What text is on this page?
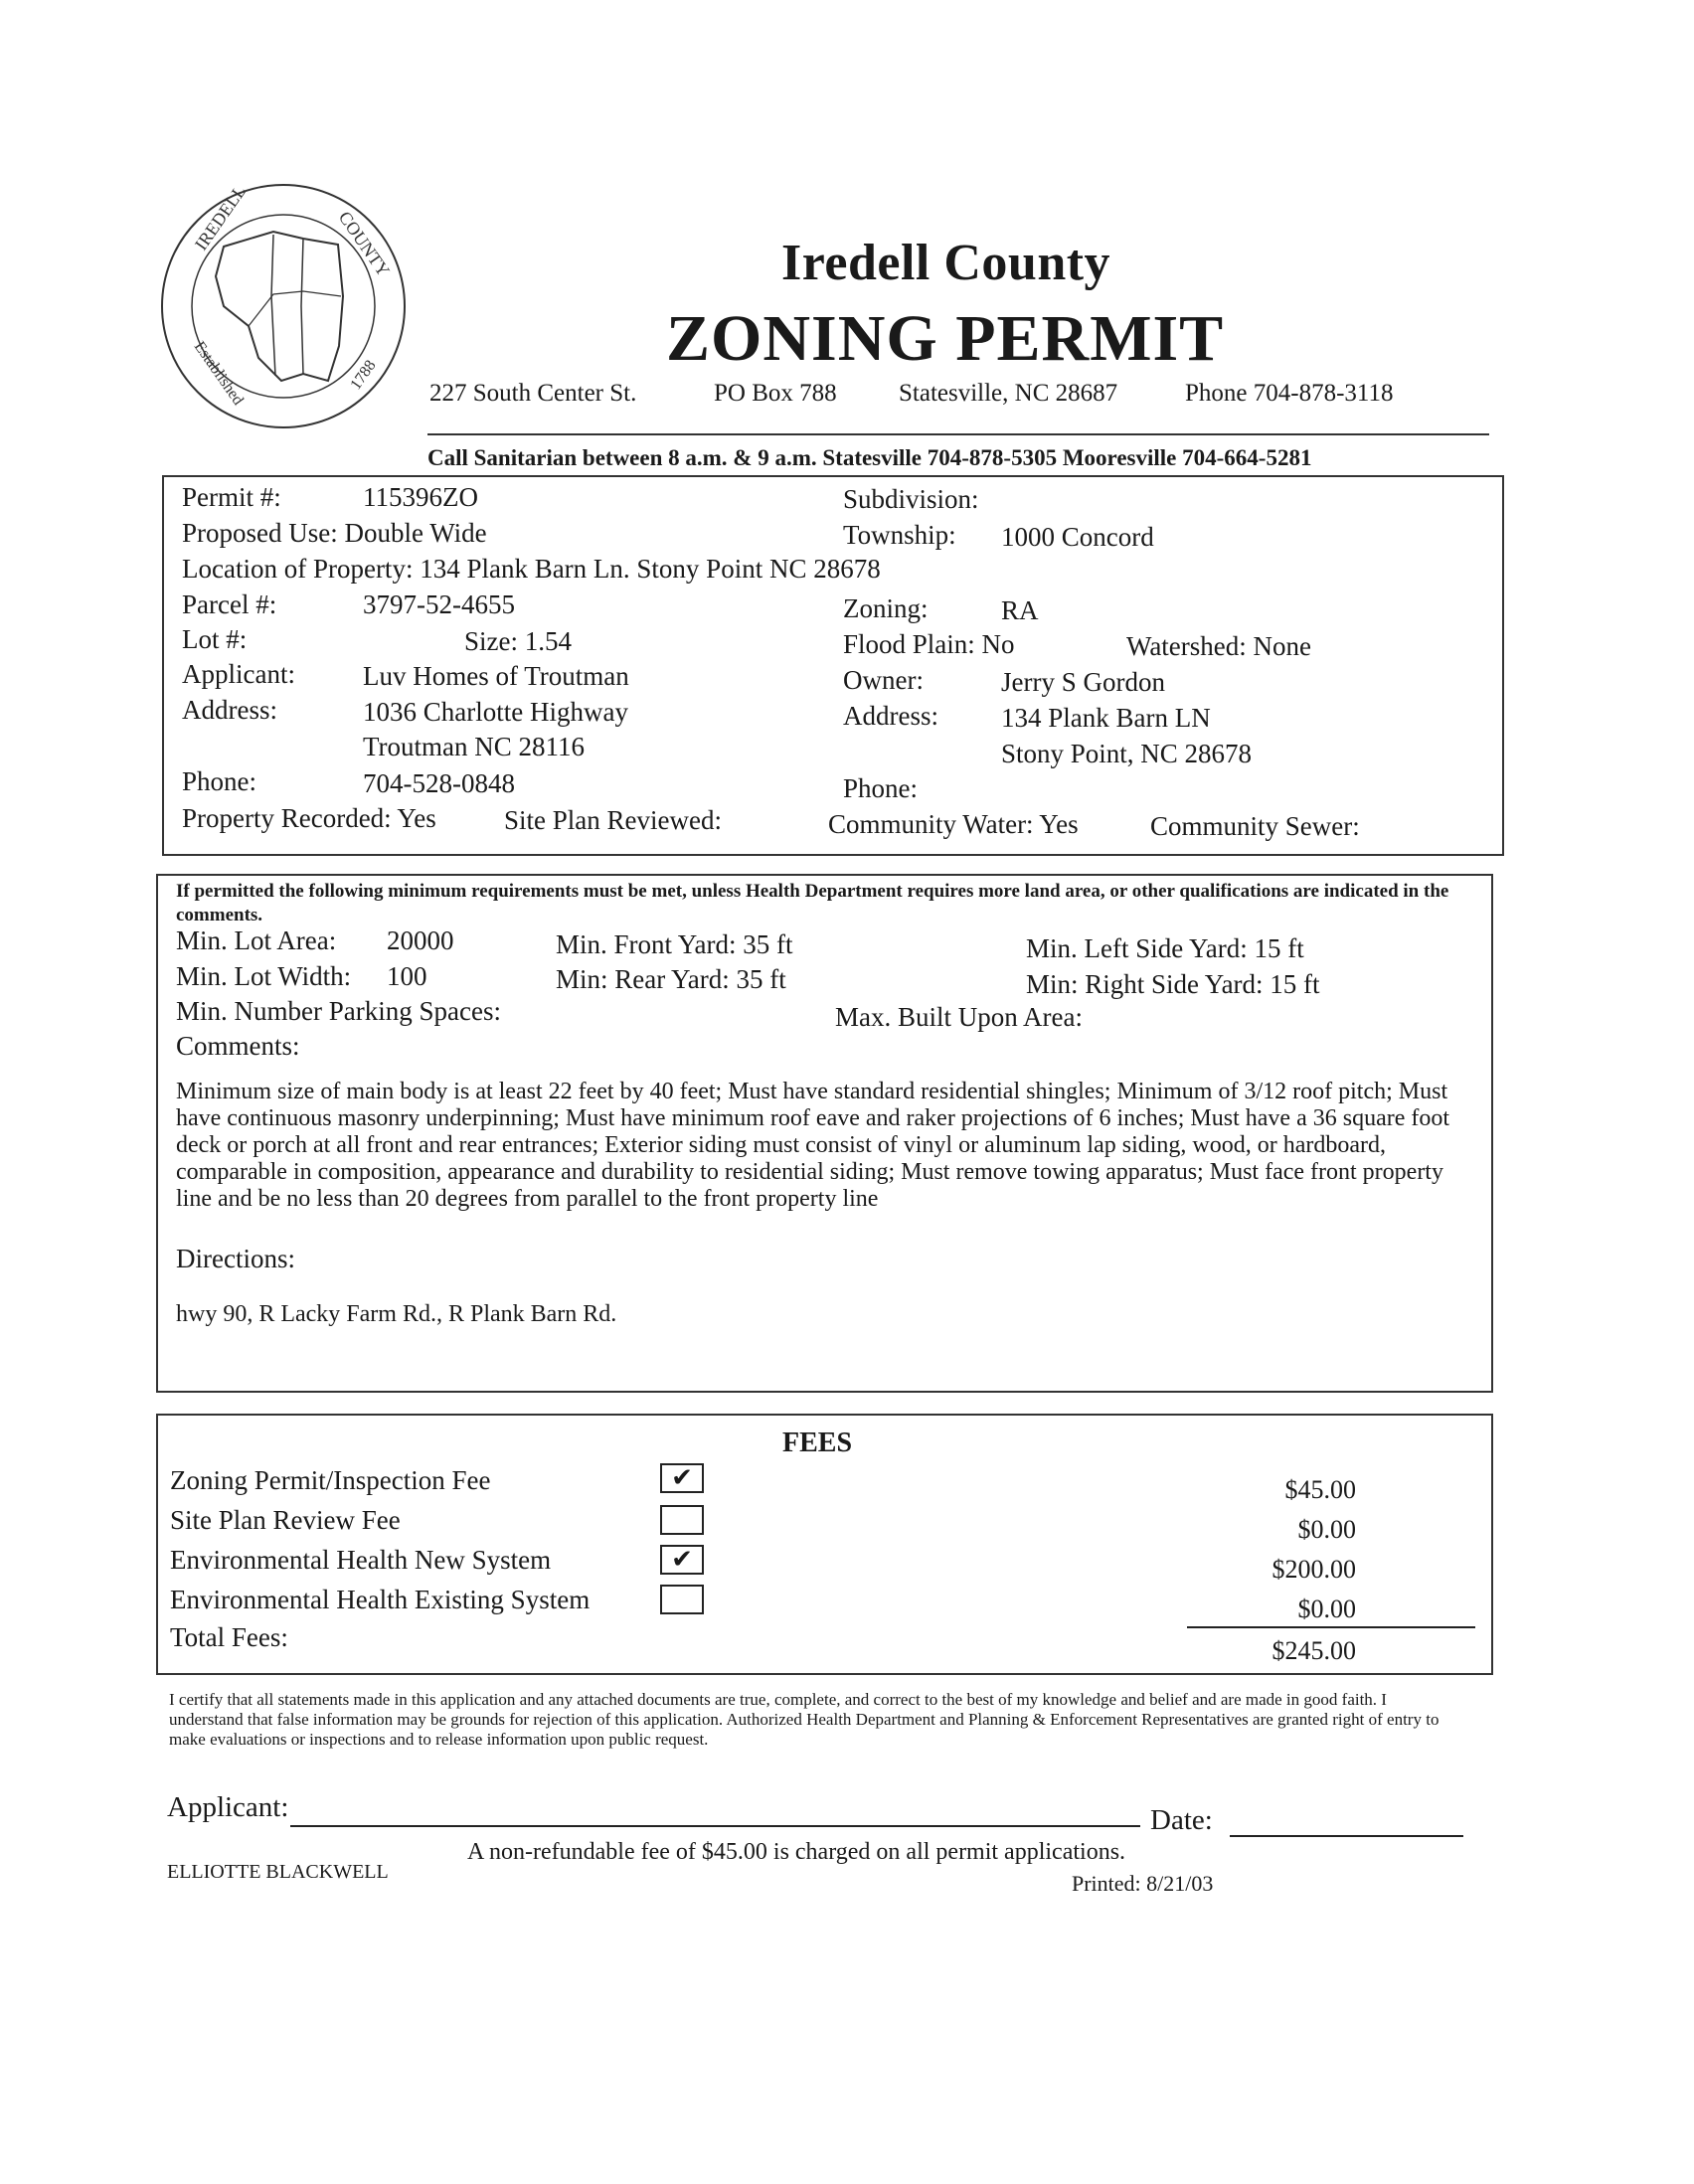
IREDELL	COUNTY
Established	1788
Iredell County
ZONING PERMIT
227 South Center St.	PO Box 788 Statesville, NC 28687	Phone 704-878-3118
Call Sanitarian between 8 a.m. & 9 a.m. Statesville 704-878-5305 Mooresville 704-664-5281
Permit #:	115396ZO
Proposed Use: Double Wide
Location of Property: 134 Plank Barn Ln. Stony Point NC 28678
Parcel #:	3797-52-4655
Lot #:	Size: 1.54
Applicant:	Luv Homes of Troutman
Address:	1036 Charlotte Highway
Troutman NC 28116
Phone:	704-528-0848
Property Recorded: Yes	Site Plan Reviewed:
Subdivision:
Township: 1000 Concord
Zoning:	RA
Flood Plain: No	Watershed: None
Owner:	Jerry S Gordon
Address: 134 Plank Barn LN
Stony Point, NC 28678
Phone:
Community Water: Yes	Community Sewer:
If permitted the following minimum requirements must be met, unless Health Department requires more land area, or other qualifications are indicated in the comments.
Min. Lot Area: 20000	Min. Front Yard: 35 ft	Min. Left Side Yard: 15 ft
Min. Lot Width: 100	Min: Rear Yard: 35 ft	Min: Right Side Yard: 15 ft
Min. Number Parking Spaces:	Max. Built Upon Area:
Comments:
Minimum size of main body is at least 22 feet by 40 feet; Must have standard residential shingles; Minimum of 3/12 roof pitch; Must have continuous masonry underpinning; Must have minimum roof eave and raker projections of 6 inches; Must have a 36 square foot deck or porch at all front and rear entrances; Exterior siding must consist of vinyl or aluminum lap siding, wood, or hardboard, comparable in composition, appearance and durability to residential siding; Must remove towing apparatus; Must face front property line and be no less than 20 degrees from parallel to the front property line
Directions:
hwy 90, R Lacky Farm Rd., R Plank Barn Rd.
FEES
Zoning Permit/Inspection Fee	✔	$45.00
Site Plan Review Fee	$0.00
Environmental Health New System	✔	$200.00
Environmental Health Existing System	$0.00
Total Fees:	$245.00
I certify that all statements made in this application and any attached documents are true, complete, and correct to the best of my knowledge and belief and are made in good faith. I understand that false information may be grounds for rejection of this application. Authorized Health Department and Planning & Enforcement Representatives are granted right of entry to make evaluations or inspections and to release information upon public request.
Applicant:	Date:
A non-refundable fee of $45.00 is charged on all permit applications.
ELLIOTTE BLACKWELL	Printed: 8/21/03
